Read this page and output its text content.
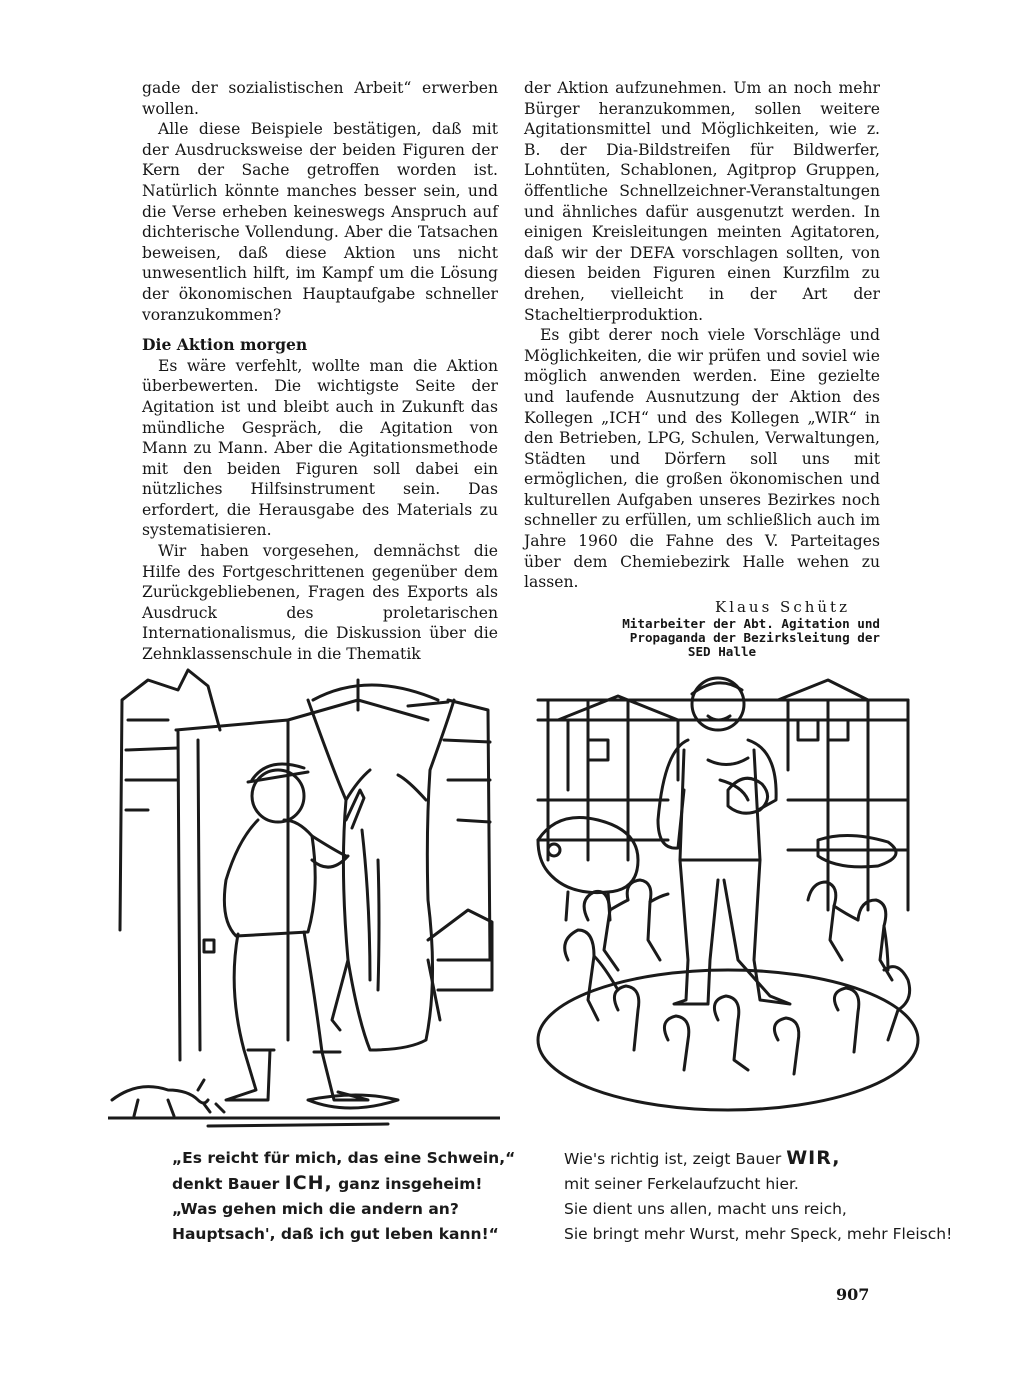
gade der sozialistischen Arbeit“ erwerben wollen.

Alle diese Beispiele bestätigen, daß mit der Ausdrucksweise der beiden Figuren der Kern der Sache getroffen worden ist. Natürlich könnte manches besser sein, und die Verse erheben keineswegs Anspruch auf dichterische Vollendung. Aber die Tatsachen beweisen, daß diese Aktion uns nicht unwesentlich hilft, im Kampf um die Lösung der ökonomischen Hauptaufgabe schneller voranzukommen?

Die Aktion morgen

Es wäre verfehlt, wollte man die Aktion überbewerten. Die wichtigste Seite der Agitation ist und bleibt auch in Zukunft das mündliche Gespräch, die Agitation von Mann zu Mann. Aber die Agitationsmethode mit den beiden Figuren soll dabei ein nützliches Hilfsinstrument sein. Das erfordert, die Herausgabe des Materials zu systematisieren.

Wir haben vorgesehen, demnächst die Hilfe des Fortgeschrittenen gegenüber dem Zurückgebliebenen, Fragen des Exports als Ausdruck des proletarischen Internationalismus, die Diskussion über die Zehnklassenschule in die Thematik

der Aktion aufzunehmen. Um an noch mehr Bürger heranzukommen, sollen weitere Agitationsmittel und Möglichkeiten, wie z. B. der Dia-Bildstreifen für Bildwerfer, Lohntüten, Schablonen, Agitprop Gruppen, öffentliche Schnellzeichner-Veranstaltungen und ähnliches dafür ausgenutzt werden. In einigen Kreisleitungen meinten Agitatoren, daß wir der DEFA vorschlagen sollten, von diesen beiden Figuren einen Kurzfilm zu drehen, vielleicht in der Art der Stacheltierproduktion.

Es gibt derer noch viele Vorschläge und Möglichkeiten, die wir prüfen und soviel wie möglich anwenden werden. Eine gezielte und laufende Ausnutzung der Aktion des Kollegen „ICH“ und des Kollegen „WIR“ in den Betrieben, LPG, Schulen, Verwaltungen, Städten und Dörfern soll uns mit ermöglichen, die großen ökonomischen und kulturellen Aufgaben unseres Bezirkes noch schneller zu erfüllen, um schließlich auch im Jahre 1960 die Fahne des V. Parteitages über dem Chemiebezirk Halle wehen zu lassen.

Klaus Schütz
Mitarbeiter der Abt. Agitation und
Propaganda der Bezirksleitung der
SED Halle
„Es reicht für mich, das eine Schwein,“
denkt Bauer ICH, ganz insgeheim!
„Was gehen mich die andern an?
Hauptsach', daß ich gut leben kann!“
Wie's richtig ist, zeigt Bauer WIR,
mit seiner Ferkelaufzucht hier.
Sie dient uns allen, macht uns reich,
Sie bringt mehr Wurst, mehr Speck, mehr Fleisch!
907
